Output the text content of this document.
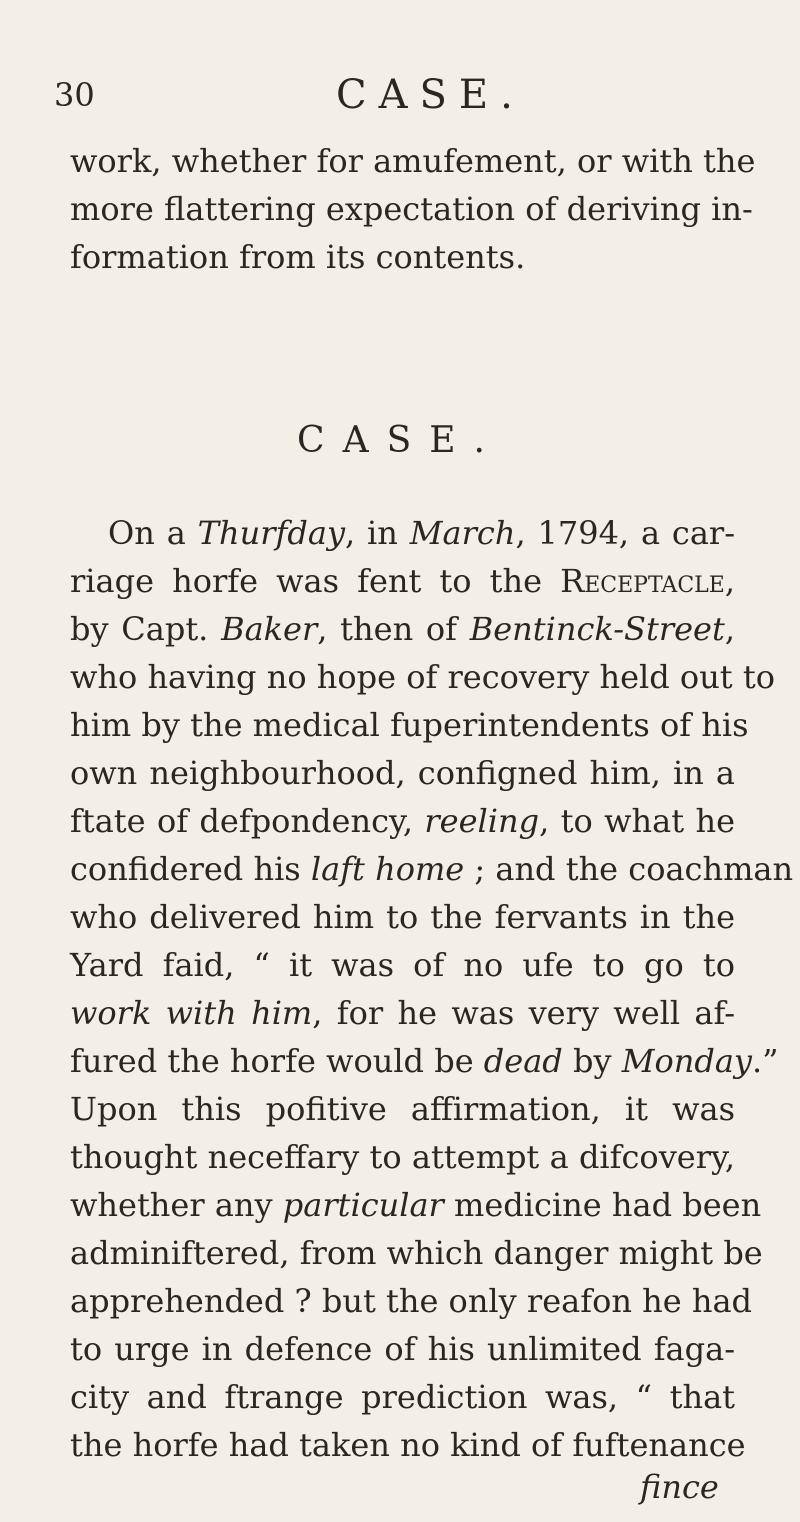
30	CASE.
work, whether for amufement, or with the
more flattering expectation of deriving in-
formation from its contents.
CASE.
On a Thurfday, in March, 1794, a car-
riage horfe was fent to the Receptacle,
by Capt. Baker, then of Bentinck-Street,
who having no hope of recovery held out to
him by the medical fuperintendents of his
own neighbourhood, configned him, in a
ftate of defpondency, reeling, to what he
confidered his laft home ; and the coachman
who delivered him to the fervants in the
Yard faid, “ it was of no ufe to go to
work with him, for he was very well af-
fured the horfe would be dead by Monday.”
Upon this pofitive affirmation, it was
thought neceffary to attempt a difcovery,
whether any particular medicine had been
adminiftered, from which danger might be
apprehended ? but the only reafon he had
to urge in defence of his unlimited faga-
city and ftrange prediction was, “ that
the horfe had taken no kind of fuftenance
fince
